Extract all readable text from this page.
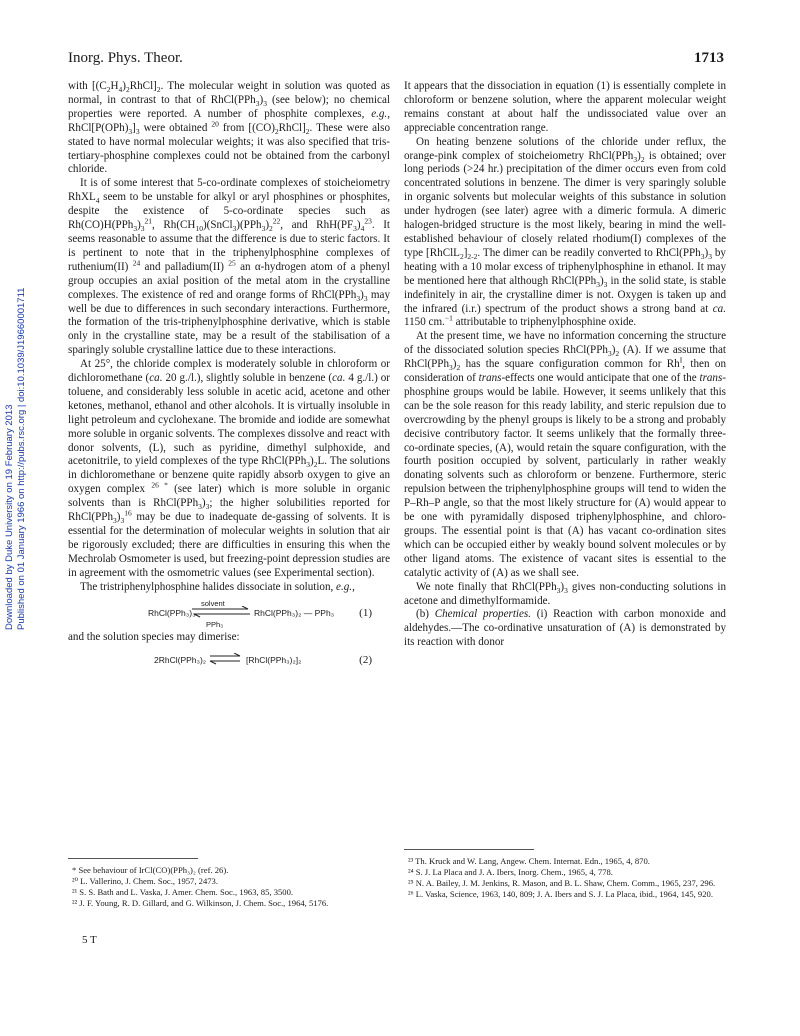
Downloaded by Duke University on 19 February 2013 Published on 01 January 1966 on http://pubs.rsc.org | doi:10.1039/J19660001711
Inorg. Phys. Theor.	1713

with $[(C_2H_4)_2RhCl]_2$. The molecular weight in solution was quoted as normal, in contrast to that of $RhCl(PPh_3)_3$ (see below); no chemical properties were reported. A number of phosphite complexes, e.g., $RhCl[P(OPh)_3]_3$ were obtained $^{20}$ from $[(CO)_2RhCl]_2$. These were also stated to have normal molecular weights; it was also specified that tris-tertiary-phosphine complexes could not be obtained from the carbonyl chloride.

It is of some interest that 5-co-ordinate complexes of stoicheiometry RhXL$_4$ seem to be unstable for alkyl or aryl phosphines or phosphites, despite the existence of 5-co-ordinate species such as $Rh(CO)H(PPh_3)_3^{21}$, $Rh(CH_{10})(SnCl_3)(PPh_3)_2^{22}$, and $RhH(PF_3)_4^{23}$. It seems reasonable to assume that the difference is due to steric factors. It is pertinent to note that in the triphenylphosphine complexes of ruthenium(II) $^{24}$ and palladium(II) $^{25}$ an α-hydrogen atom of a phenyl group occupies an axial position of the metal atom in the crystalline complexes. The existence of red and orange forms of $RhCl(PPh_3)_3$ may well be due to differences in such secondary interactions. Furthermore, the formation of the tris-triphenylphosphine derivative, which is stable only in the crystalline state, may be a result of the stabilisation of a sparingly soluble crystalline lattice due to these interactions.

At 25°, the chloride complex is moderately soluble in chloroform or dichloromethane (ca. 20 g./l.), slightly soluble in benzene (ca. 4 g./l.) or toluene, and considerably less soluble in acetic acid, acetone and other ketones, methanol, ethanol and other alcohols. It is virtually insoluble in light petroleum and cyclohexane. The bromide and iodide are somewhat more soluble in organic solvents. The complexes dissolve and react with donor solvents, (L), such as pyridine, dimethyl sulphoxide, and acetonitrile, to yield complexes of the type $RhCl(PPh_3)_2L$. The solutions in dichloromethane or benzene quite rapidly absorb oxygen to give an oxygen complex $^{26 *}$ (see later) which is more soluble in organic solvents than is $RhCl(PPh_3)_3$; the higher solubilities reported for $RhCl(PPh_3)_3^{16}$ may be due to inadequate de-gassing of solvents. It is essential for the determination of molecular weights in solution that air be rigorously excluded; there are difficulties in ensuring this when the Mechrolab Osmometer is used, but freezing-point depression studies are in agreement with the osmometric values (see Experimental section).

The tristriphenylphosphine halides dissociate in solution, e.g.,

RhCl(PPh₃)₃
solvent
PPh₃
RhCl(PPh₃)₂ — PPh₃ (1)

and the solution species may dimerise:

2RhCl(PPh₃)₂ ⇌ [RhCl(PPh₃)₂]₂	(2)

* See behaviour of IrCl(CO)(PPh₃)₂ (ref. 26).

²⁰ L. Vallerino, J. Chem. Soc., 1957, 2473.

²¹ S. S. Bath and L. Vaska, J. Amer. Chem. Soc., 1963, 85, 3500.

²² J. F. Young, R. D. Gillard, and G. Wilkinson, J. Chem. Soc., 1964, 5176.

5 T

It appears that the dissociation in equation (1) is essentially complete in chloroform or benzene solution, where the apparent molecular weight remains constant at about half the undissociated value over an appreciable concentration range.

On heating benzene solutions of the chloride under reflux, the orange-pink complex of stoicheiometry $RhCl(PPh_3)_2$ is obtained; over long periods (>24 hr.) precipitation of the dimer occurs even from cold concentrated solutions in benzene. The dimer is very sparingly soluble in organic solvents but molecular weights of this substance in solution under hydrogen (see later) agree with a dimeric formula. A dimeric halogen-bridged structure is the most likely, bearing in mind the well-established behaviour of closely related rhodium(I) complexes of the type $[RhClL_2]_{2-2}$. The dimer can be readily converted to $RhCl(PPh_3)_3$ by heating with a 10 molar excess of triphenylphosphine in ethanol. It may be mentioned here that although $RhCl(PPh_3)_3$ in the solid state, is stable indefinitely in air, the crystalline dimer is not. Oxygen is taken up and the infrared (i.r.) spectrum of the product shows a strong band at ca. 1150 cm.$^{-1}$ attributable to triphenylphosphine oxide.

At the present time, we have no information concerning the structure of the dissociated solution species $RhCl(PPh_3)_2$ (A). If we assume that $RhCl(PPh_3)_2$ has the square configuration common for $Rh^I$, then on consideration of trans-effects one would anticipate that one of the trans-phosphine groups would be labile. However, it seems unlikely that this can be the sole reason for this ready lability, and steric repulsion due to overcrowding by the phenyl groups is likely to be a strong and probably decisive contributory factor. It seems unlikely that the formally three-co-ordinate species, (A), would retain the square configuration, with the fourth position occupied by solvent, particularly in rather weakly donating solvents such as chloroform or benzene. Furthermore, steric repulsion between the triphenylphosphine groups will tend to widen the P–Rh–P angle, so that the most likely structure for (A) would appear to be one with pyramidally disposed triphenylphosphine, and chloro-groups. The essential point is that (A) has vacant co-ordination sites which can be occupied either by weakly bound solvent molecules or by other ligand atoms. The existence of vacant sites is essential to the catalytic activity of (A) as we shall see.

We note finally that $RhCl(PPh_3)_3$ gives non-conducting solutions in acetone and dimethylformamide.

(b) Chemical properties. (i) Reaction with carbon monoxide and aldehydes.—The co-ordinative unsaturation of (A) is demonstrated by its reaction with donor

²³ Th. Kruck and W. Lang, Angew. Chem. Internat. Edn., 1965, 4, 870.

²⁴ S. J. La Placa and J. A. Ibers, Inorg. Chem., 1965, 4, 778.

²⁵ N. A. Bailey, J. M. Jenkins, R. Mason, and B. L. Shaw, Chem. Comm., 1965, 237, 296.

²⁶ L. Vaska, Science, 1963, 140, 809; J. A. Ibers and S. J. La Placa, ibid., 1964, 145, 920.
